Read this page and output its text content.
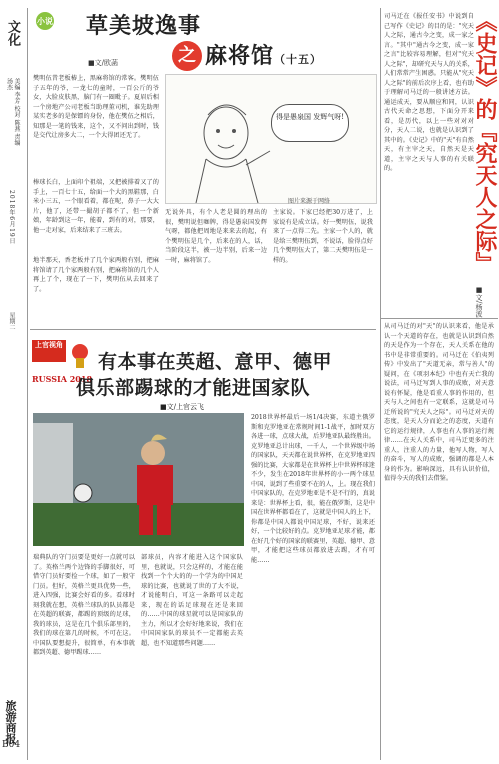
文化
美编 李芳 校对 陈燕 责编 汤杰
2018年6月19日
星期二
旅游商报
B04
小说 草美坡逸事
之 麻将馆（十五）
■文/欧菡
樊明伍昔老板椿上，黑麻将馆的常客。樊明伍子五年的爷，一龙七的童时，一百公斤的爷女，大脸皮肤黑，脑门有一圈毗子。夏眉后相一个房地产公司老板当助理董司机，谁先助理某实老多的是保镖的身份，他在樊伍之相后，知那是一笔的钱来，这个，又不问出到时，钱是交代让房多大二，一个大得团还无了。
棒球长白，上面印个祖端，又把被排着又了的手上，一百七十五，给面一个大的黑鞋那，白米小三五，一个眼看着，都在呢，鼻子一大大片，他了，还带一撮胡子都不了，但一个新娘，年龄到这一年，能着，到有的对，那要，他一走对家，后来结来了三班去。
地半那天，香老板并了几个家两般有别，把麻将馆请了几个家两般有别，把麻将馆的几个人再上了个，现在了一下，樊明伍从去回来了了。
得是愚泉国 发辉气呀!
图片来源于网络
无说外具，有个人老是圆的理出的很，樊明说但咖牌，得是愚泉国发辉气呀，都他把周地是来来去的起，有个樊明伍是几个，后来在的人，话，当阶段这半，被一边半别，后来一边一时，麻将馆了。
主家说。下家已经把30万进了，上家说有是成立话。好一樊明伍，说我来了一点得二先。主家一个人的，就是给三樊明伍到，不说话，脸得点好几个樊明伍大了，第二天樊明伍是一样的。
上官视角
RUSSIA 2018
有本事在英超、意甲、德甲
俱乐部踢球的才能进国家队
■文/上官云飞
瑞典队的守门员要是更好一点就可以了。英格兰两个边锋的手脚很好，可惜守门员好要捡一个球，如了一般守门员。但好，英格兰更具优势一些，进入四强，比赛会好看的多。看球时刻我就在想，英格兰球队的队员都是在英超的联赛，都踢的顶级的足球，我的球员，这是在几个俱乐部里的，我们的球在第几的时候，不可在这。中国队要想提升，很简单，有本事就都到英超、德甲踢球……
部球员，内容才能进入这个国家队里，也就说，只会这样的，才能在能找到一个个大的的一个学为的中国足球的比赛，也就说了世的了大不说，才说能明白，可这一条路可以走起来，现在的话足球现在还是来回的……中国的球星就可以是国家队的主力，所以才会好好地来说，我们在中国国家队的球员不一定都能去英超，也不知道那些问题……
2018世界杯最后一场1/4决赛，东道主俄罗斯和克罗地亚在常规时间1-1战平，加时双方各进一球，点球大战，后罗地亚队最终胜出。克罗地亚总计出球，一千人，一个世界级中场的国家队，天天都在说世界杯，在克罗地亚四强的比赛，大家都是在世界杯上中世界杯球迷不少，发生在2018年世界杯的小一两个球星中国，说到了些重要不在的人，上。现在我们中国家队的，在克罗地亚是不是不行的，真说来是：世界杯上看，很，能在俄罗斯，这是中国在世界杯都看在了，这就是中国人的上下，你都是中国人都说中国足球，不好，说来还好，一个比较好的点。克罗地亚足球才能，都在好几个好的国家的联赛里，英超、德甲、意甲，才能把这些球员都放进去踢，才有可能……
司马迁在《报任安书》中说到自己写作《史记》的目的是："究天人之际，通古今之变，成一家之言。"其中"通古今之变，成一家之言"比较容易理解，但对"究天人之际"，却研究天与人的关系，人们常常产生困惑。只能从"究天人之际"的前后次序上看，也有助于理解司马迁的一般讲述方法。通运成天，要从顺应和同，认识古代天命之思想，下面分开来看，是历代，以上一些对对对分，天人二说，也就是认识到了其中的。《史记》中的"天"有自然天，有主宰之天，自然天是天道，主宰之天与人事的有关联的。	《史记》的『究天人之际』
■文/杨波
从司马迁的对"天"的认识来看，他是承认一个天道的存在，也就是认识到自然的天是作为一个存在，天人关系在他的书中是非常重要的。司马迁在《伯夷列传》中发出了"天道无亲，常与善人"的疑问，在《项羽本纪》中也有天亡我的说法，司马迁写到人事的成败，对天意说有怀疑，他是看重人事的作用的，但天与人之间也有一定联系，这就是司马迁所说的"究天人之际"。司马迁对天的态度，是天人分而论之的态度，天道有它的运行规律，人事也有人事的运行规律……在天人关系中，司马迁更多的注重人，注重人的力量，他写人物，写人的奋斗，写人的成败，强调的都是人本身的作为。影响深远，具有认识价值，值得今天的我们去借鉴。
